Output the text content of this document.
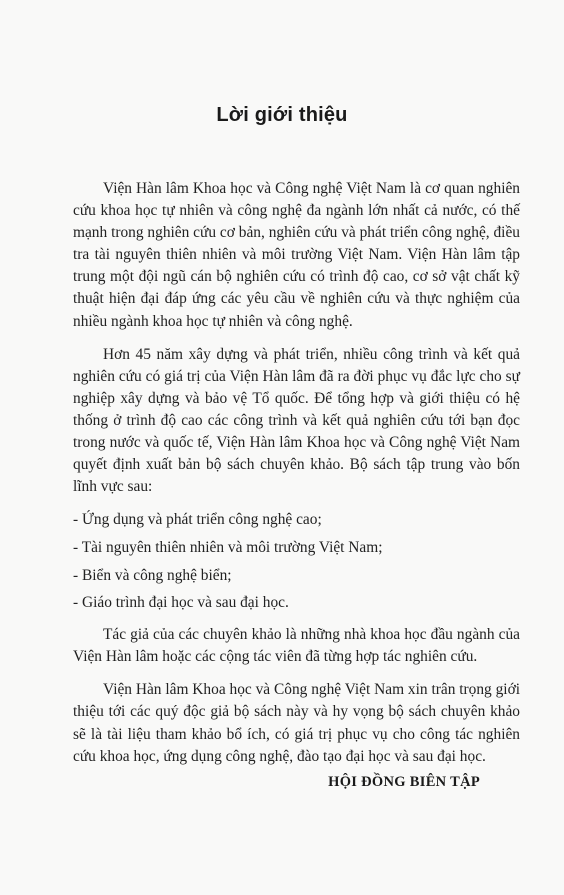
Lời giới thiệu

Viện Hàn lâm Khoa học và Công nghệ Việt Nam là cơ quan nghiên cứu khoa học tự nhiên và công nghệ đa ngành lớn nhất cả nước, có thế mạnh trong nghiên cứu cơ bản, nghiên cứu và phát triển công nghệ, điều tra tài nguyên thiên nhiên và môi trường Việt Nam. Viện Hàn lâm tập trung một đội ngũ cán bộ nghiên cứu có trình độ cao, cơ sở vật chất kỹ thuật hiện đại đáp ứng các yêu cầu về nghiên cứu và thực nghiệm của nhiều ngành khoa học tự nhiên và công nghệ.

Hơn 45 năm xây dựng và phát triển, nhiều công trình và kết quả nghiên cứu có giá trị của Viện Hàn lâm đã ra đời phục vụ đắc lực cho sự nghiệp xây dựng và bảo vệ Tổ quốc. Để tổng hợp và giới thiệu có hệ thống ở trình độ cao các công trình và kết quả nghiên cứu tới bạn đọc trong nước và quốc tế, Viện Hàn lâm Khoa học và Công nghệ Việt Nam quyết định xuất bản bộ sách chuyên khảo. Bộ sách tập trung vào bốn lĩnh vực sau:

- Ứng dụng và phát triển công nghệ cao;
- Tài nguyên thiên nhiên và môi trường Việt Nam;
- Biển và công nghệ biển;
- Giáo trình đại học và sau đại học.

Tác giả của các chuyên khảo là những nhà khoa học đầu ngành của Viện Hàn lâm hoặc các cộng tác viên đã từng hợp tác nghiên cứu.

Viện Hàn lâm Khoa học và Công nghệ Việt Nam xin trân trọng giới thiệu tới các quý độc giả bộ sách này và hy vọng bộ sách chuyên khảo sẽ là tài liệu tham khảo bổ ích, có giá trị phục vụ cho công tác nghiên cứu khoa học, ứng dụng công nghệ, đào tạo đại học và sau đại học.

HỘI ĐỒNG BIÊN TẬP
